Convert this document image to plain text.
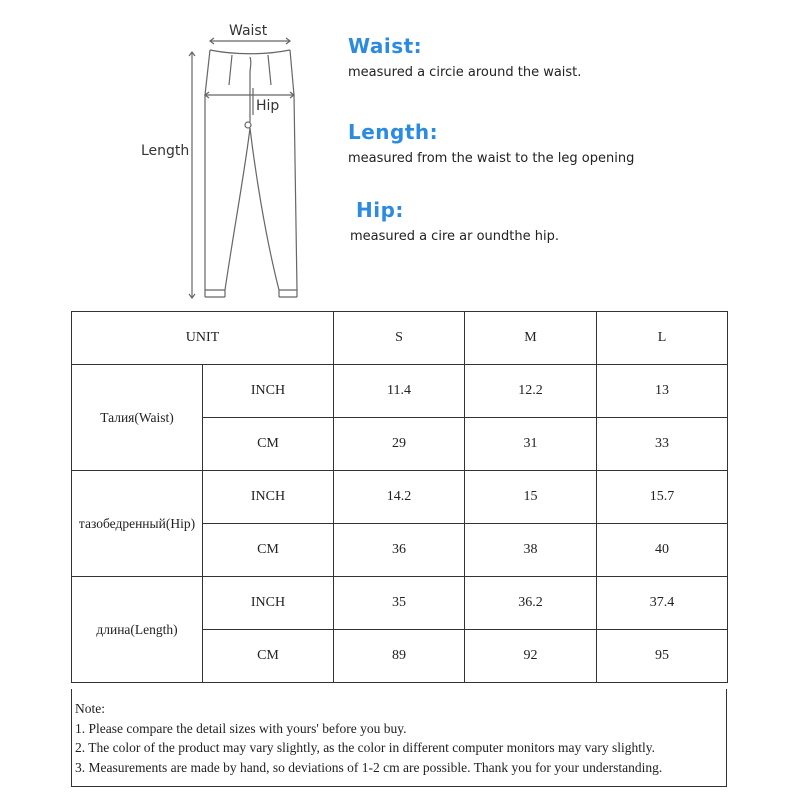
Waist
Hip
Length
Waist:
measured a circie around the waist.
Length:
measured from the waist to the leg opening
Hip:
measured a cire ar oundthe hip.
UNIT		S	M	L
Талия(Waist)	INCH	11.4	12.2	13
	CM	29	31	33
тазобедренный(Hip)	INCH	14.2	15	15.7
	CM	36	38	40
длина(Length)	INCH	35	36.2	37.4
	CM	89	92	95
Note:
1. Please compare the detail sizes with yours' before you buy.
2. The color of the product may vary slightly, as the color in different computer monitors may vary slightly.
3. Measurements are made by hand, so deviations of 1-2 cm are possible. Thank you for your understanding.
